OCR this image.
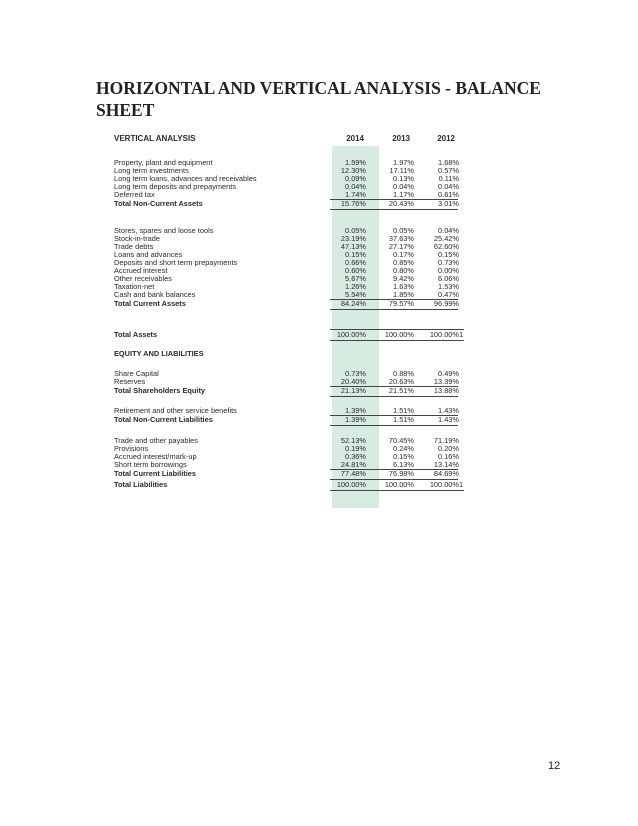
HORIZONTAL AND VERTICAL ANALYSIS - BALANCE SHEET
VERTICAL ANALYSIS	2014	2013	2012
Property, plant and equipment	1.59%	1.97%	1.68%
Long term investments	12.30%	17.11%	0.57%
Long term loans, advances and receivables	0.09%	0.13%	0.11%
Long term deposits and prepayments	0.04%	0.04%	0.04%
Deferred tax	1.74%	1.17%	0.61%
Total Non-Current Assets	15.76%	20.43%	3.01%
Stores, spares and loose tools	0.05%	0.05%	0.04%
Stock-in-trade	23.19%	37.63%	25.42%
Trade debts	47.13%	27.17%	62.60%
Loans and advances	0.15%	0.17%	0.15%
Deposits and short term prepayments	0.66%	0.85%	0.73%
Accrued interest	0.60%	0.80%	0.00%
Other receivables	5.67%	9.42%	6.06%
Taxation-net	1.26%	1.63%	1.53%
Cash and bank balances	5.54%	1.85%	0.47%
Total Current Assets	84.24%	79.57%	96.99%
Total Assets	100.00%	100.00%	100.00% 1
EQUITY AND LIABILITIES
Share Capital	0.73%	0.88%	0.49%
Reserves	20.40%	20.63%	13.39%
Total Shareholders Equity	21.13%	21.51%	13.88%
Retirement and other service benefits	1.39%	1.51%	1.43%
Total Non-Current Liabilities	1.39%	1.51%	1.43%
Trade and other payables	52.13%	70.45%	71.19%
Provisions	0.19%	0.24%	0.20%
Accrued interest/mark-up	0.36%	0.15%	0.16%
Short term borrowings	24.81%	6.13%	13.14%
Total Current Liabilities	77.48%	76.98%	84.69%
Total Liabilities	100.00%	100.00%	100.00% 1
12
